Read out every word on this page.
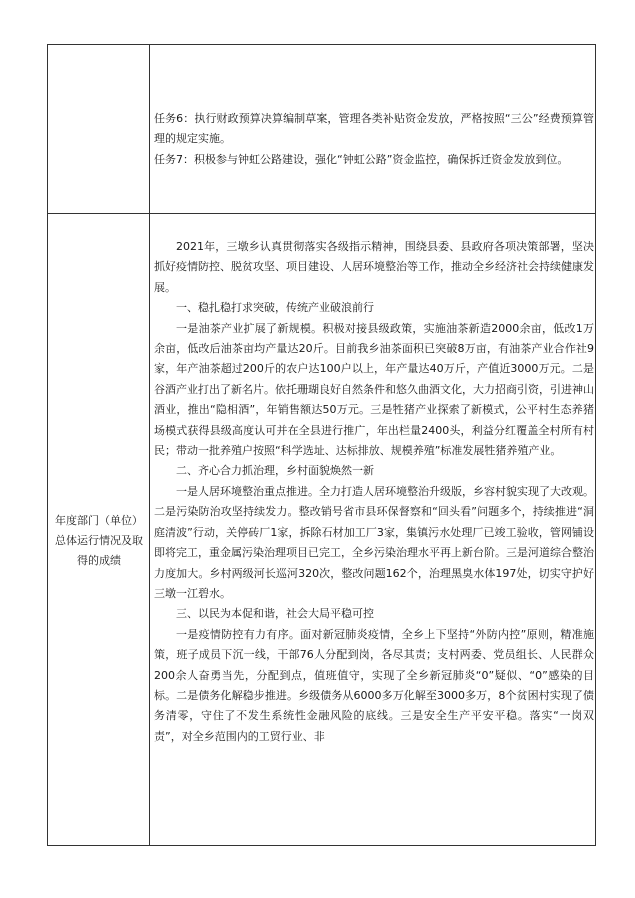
任务6：执行财政预算决算编制草案，管理各类补贴资金发放，严格按照“三公”经费预算管理的规定实施。

任务7：积极参与钟虹公路建设，强化“钟虹公路”资金监控，确保拆迁资金发放到位。

年度部门（单位）总体运行情况及取得的成绩

2021年，三墩乡认真贯彻落实各级指示精神，围绕县委、县政府各项决策部署，坚决抓好疫情防控、脱贫攻坚、项目建设、人居环境整治等工作，推动全乡经济社会持续健康发展。

一、稳扎稳打求突破，传统产业破浪前行

一是油茶产业扩展了新规模。积极对接县级政策，实施油茶新造2000余亩，低改1万余亩，低改后油茶亩均产量达20斤。目前我乡油茶面积已突破8万亩，有油茶产业合作社9家，年产油茶超过200斤的农户达100户以上，年产量达40万斤，产值近3000万元。二是谷酒产业打出了新名片。依托珊瑚良好自然条件和悠久曲酒文化，大力招商引资，引进神山酒业，推出“隐相酒”，年销售额达50万元。三是牲猪产业探索了新模式，公平村生态养猪场模式获得县级高度认可并在全县进行推广，年出栏量2400头，利益分红覆盖全村所有村民；带动一批养殖户按照“科学选址、达标排放、规模养殖”标准发展牲猪养殖产业。

二、齐心合力抓治理，乡村面貌焕然一新

一是人居环境整治重点推进。全力打造人居环境整治升级版，乡容村貌实现了大改观。二是污染防治攻坚持续发力。整改销号省市县环保督察和“回头看”问题多个，持续推进“洞庭清波”行动，关停砖厂1家，拆除石材加工厂3家，集镇污水处理厂已竣工验收，管网铺设即将完工，重金属污染治理项目已完工，全乡污染治理水平再上新台阶。三是河道综合整治力度加大。乡村两级河长巡河320次，整改问题162个，治理黑臭水体197处，切实守护好三墩一江碧水。

三、以民为本促和谐，社会大局平稳可控

一是疫情防控有力有序。面对新冠肺炎疫情，全乡上下坚持“外防内控”原则，精准施策，班子成员下沉一线，干部76人分配到岗，各尽其责；支村两委、党员组长、人民群众200余人奋勇当先，分配到点，值班值守，实现了全乡新冠肺炎“0”疑似、“0”感染的目标。二是债务化解稳步推进。乡级债务从6000多万化解至3000多万，8个贫困村实现了债务清零，守住了不发生系统性金融风险的底线。三是安全生产平安平稳。落实“一岗双责”，对全乡范围内的工贸行业、非
